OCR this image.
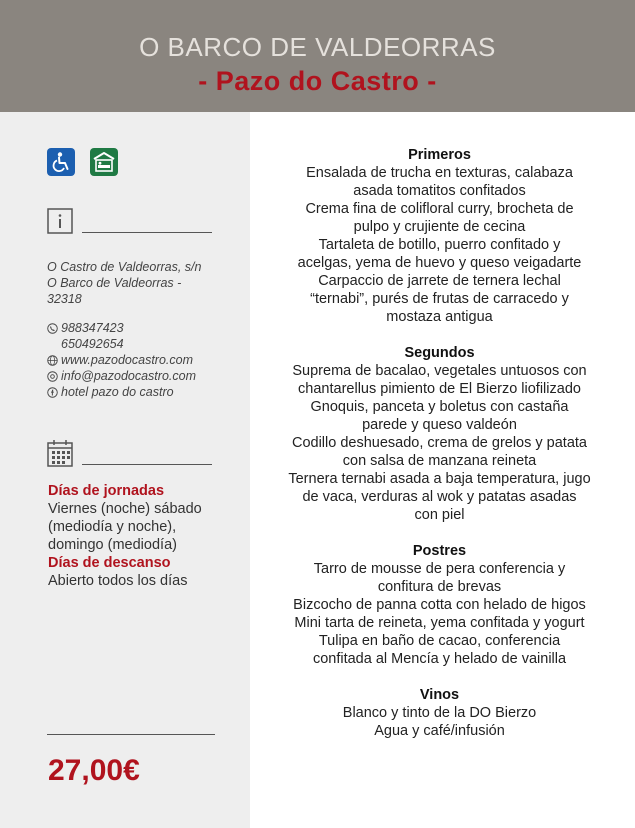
O BARCO DE VALDEORRAS
- Pazo do Castro -
O Castro de Valdeorras, s/n
O Barco de Valdeorras -
32318
988347423
650492654
www.pazodocastro.com
info@pazodocastro.com
hotel pazo do castro
Días de jornadas
Viernes (noche) sábado
(mediodía y noche),
domingo (mediodía)
Días de descanso
Abierto todos los días
27,00€
Primeros
Ensalada de trucha en texturas, calabaza
asada tomatitos confitados
Crema fina de colifloral curry, brocheta de
pulpo y crujiente de cecina
Tartaleta de botillo, puerro confitado y
acelgas, yema de huevo y queso veigadarte
Carpaccio de jarrete de ternera lechal
“ternabi”, purés de frutas de carracedo y
mostaza antigua
Segundos
Suprema de bacalao, vegetales untuosos con
chantarellus pimiento de El Bierzo liofilizado
Gnoquis, panceta y boletus con castaña
parede y queso valdeón
Codillo deshuesado, crema de grelos y patata
con salsa de manzana reineta
Ternera ternabi asada a baja temperatura, jugo
de vaca, verduras al wok y patatas asadas
con piel
Postres
Tarro de mousse de pera conferencia y
confitura de brevas
Bizcocho de panna cotta con helado de higos
Mini tarta de reineta, yema confitada y yogurt
Tulipa en baño de cacao, conferencia
confitada al Mencía y helado de vainilla
Vinos
Blanco y tinto de la DO Bierzo
Agua y café/infusión
